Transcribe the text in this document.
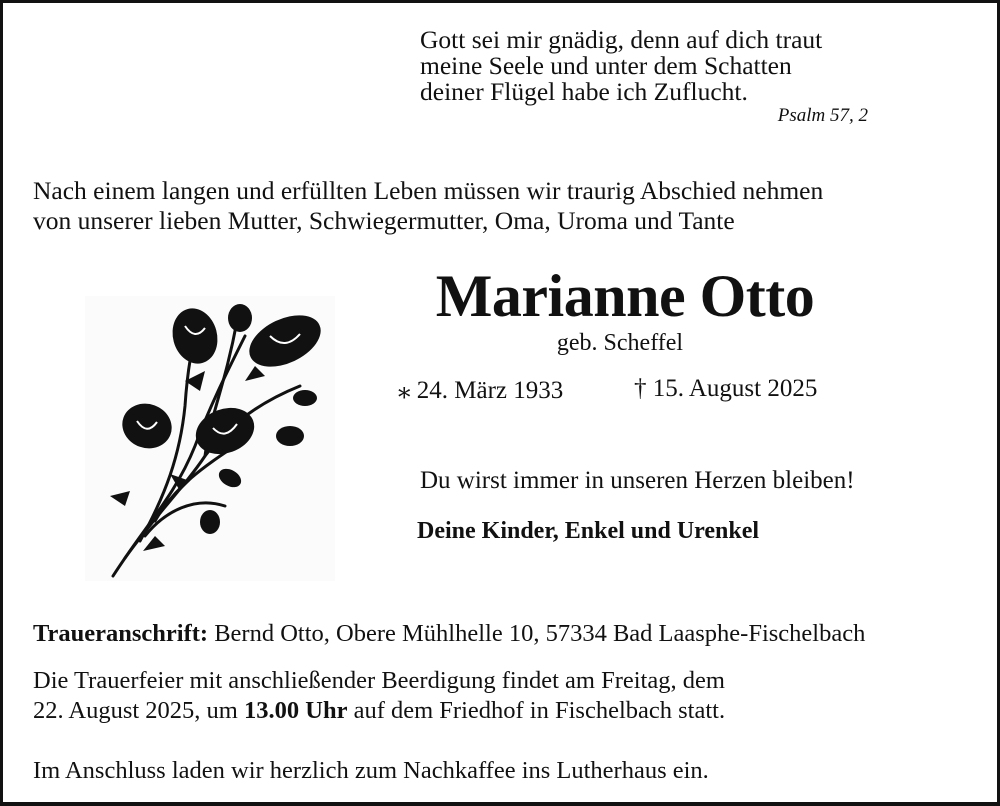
Gott sei mir gnädig, denn auf dich traut
meine Seele und unter dem Schatten
deiner Flügel habe ich Zuflucht.
Psalm 57, 2
Nach einem langen und erfüllten Leben müssen wir traurig Abschied nehmen
von unserer lieben Mutter, Schwiegermutter, Oma, Uroma und Tante
Marianne Otto
geb. Scheffel
⁎ 24. März 1933	† 15. August 2025
Du wirst immer in unseren Herzen bleiben!
Deine Kinder, Enkel und Urenkel
Traueranschrift: Bernd Otto, Obere Mühlhelle 10, 57334 Bad Laasphe-Fischelbach
Die Trauerfeier mit anschließender Beerdigung findet am Freitag, dem
22. August 2025, um 13.00 Uhr auf dem Friedhof in Fischelbach statt.
Im Anschluss laden wir herzlich zum Nachkaffee ins Lutherhaus ein.
